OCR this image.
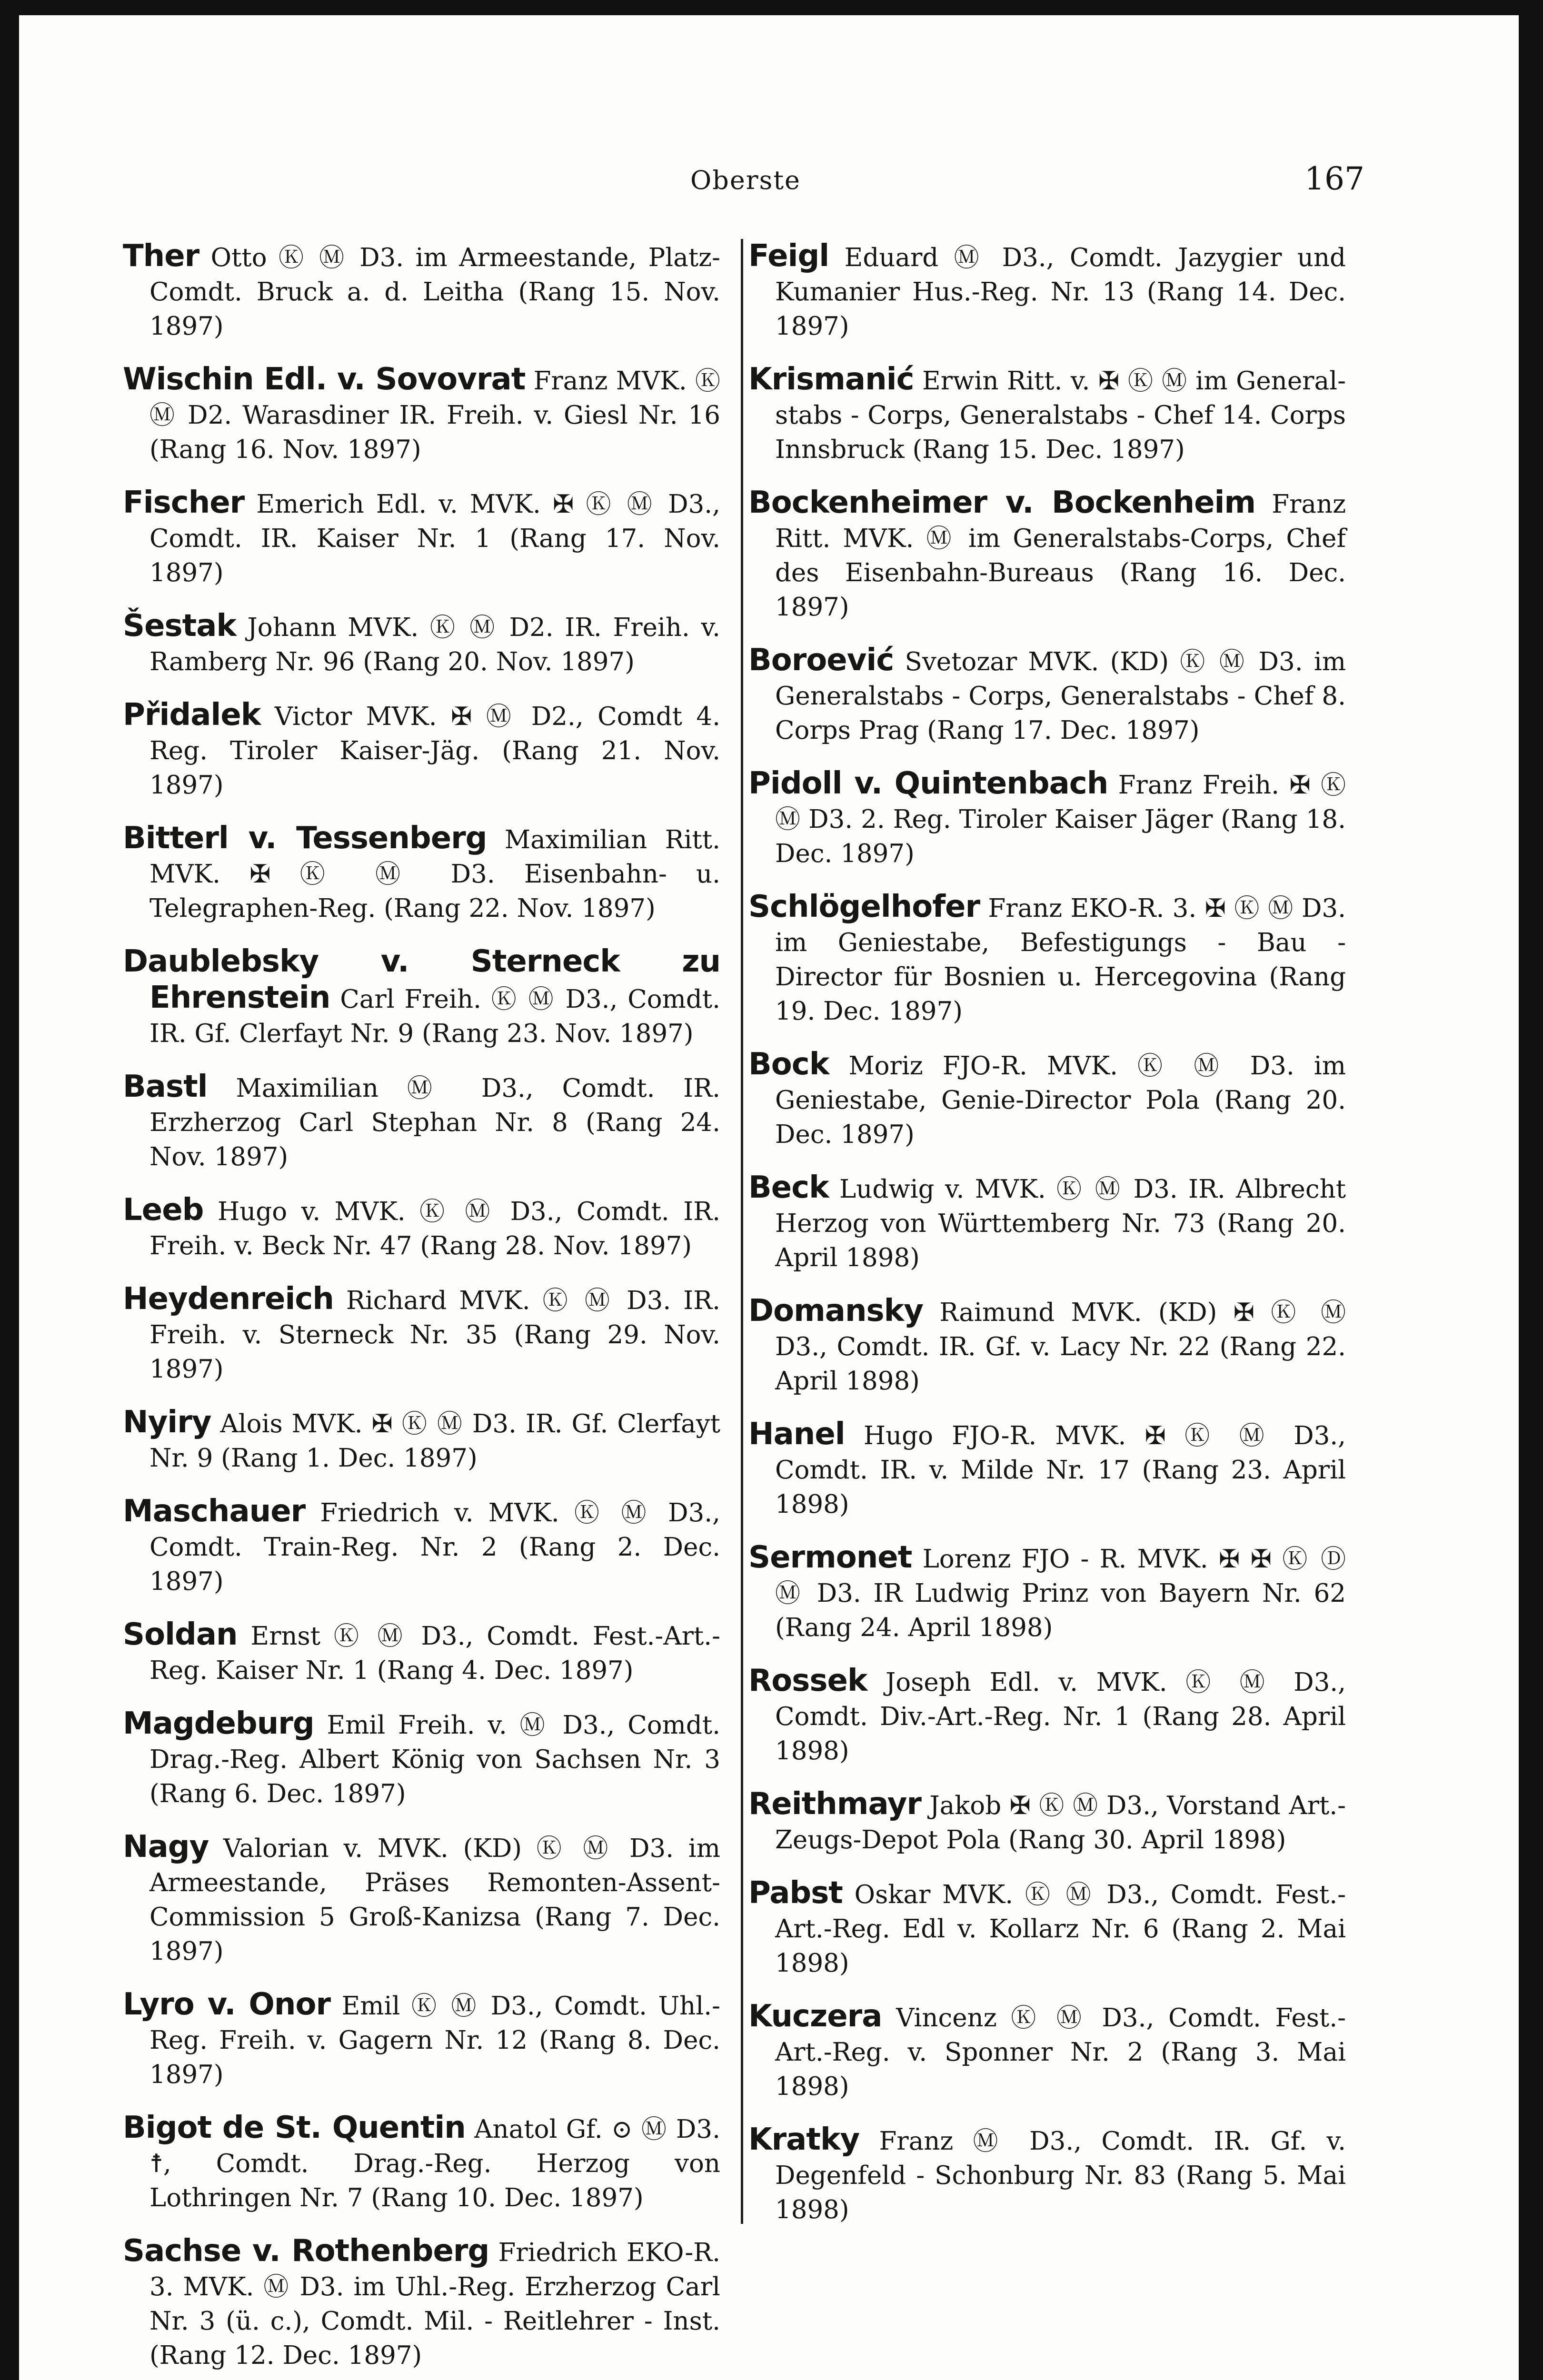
Oberste	167
Ther Otto Ⓚ Ⓜ D3. im Armeestande, Platz-Comdt. Bruck a. d. Leitha (Rang 15. Nov. 1897)
Wischin Edl. v. Sovovrat Franz MVK. Ⓚ Ⓜ D2. Warasdiner IR. Freih. v. Giesl Nr. 16 (Rang 16. Nov. 1897)
Fischer Emerich Edl. v. MVK. ✠ Ⓚ Ⓜ D3., Comdt. IR. Kaiser Nr. 1 (Rang 17. Nov. 1897)
Šestak Johann MVK. Ⓚ Ⓜ D2. IR. Freih. v. Ramberg Nr. 96 (Rang 20. Nov. 1897)
Přidalek Victor MVK. ✠ Ⓜ D2., Comdt 4. Reg. Tiroler Kaiser-Jäg. (Rang 21. Nov. 1897)
Bitterl v. Tessenberg Maximilian Ritt. MVK. ✠ Ⓚ Ⓜ D3. Eisenbahn- u. Telegraphen-Reg. (Rang 22. Nov. 1897)
Daublebsky v. Sterneck zu Ehrenstein Carl Freih. Ⓚ Ⓜ D3., Comdt. IR. Gf. Clerfayt Nr. 9 (Rang 23. Nov. 1897)
Bastl Maximilian Ⓜ D3., Comdt. IR. Erzherzog Carl Stephan Nr. 8 (Rang 24. Nov. 1897)
Leeb Hugo v. MVK. Ⓚ Ⓜ D3., Comdt. IR. Freih. v. Beck Nr. 47 (Rang 28. Nov. 1897)
Heydenreich Richard MVK. Ⓚ Ⓜ D3. IR. Freih. v. Sterneck Nr. 35 (Rang 29. Nov. 1897)
Nyiry Alois MVK. ✠ Ⓚ Ⓜ D3. IR. Gf. Clerfayt Nr. 9 (Rang 1. Dec. 1897)
Maschauer Friedrich v. MVK. Ⓚ Ⓜ D3., Comdt. Train-Reg. Nr. 2 (Rang 2. Dec. 1897)
Soldan Ernst Ⓚ Ⓜ D3., Comdt. Fest.-Art.-Reg. Kaiser Nr. 1 (Rang 4. Dec. 1897)
Magdeburg Emil Freih. v. Ⓜ D3., Comdt. Drag.-Reg. Albert König von Sachsen Nr. 3 (Rang 6. Dec. 1897)
Nagy Valorian v. MVK. (KD) Ⓚ Ⓜ D3. im Armeestande, Präses Remonten-Assent-Commission 5 Groß-Kanizsa (Rang 7. Dec. 1897)
Lyro v. Onor Emil Ⓚ Ⓜ D3., Comdt. Uhl.-Reg. Freih. v. Gagern Nr. 12 (Rang 8. Dec. 1897)
Bigot de St. Quentin Anatol Gf. ⊙ Ⓜ D3. ☨, Comdt. Drag.-Reg. Herzog von Lothringen Nr. 7 (Rang 10. Dec. 1897)
Sachse v. Rothenberg Friedrich EKO-R. 3. MVK. Ⓜ D3. im Uhl.-Reg. Erzherzog Carl Nr. 3 (ü. c.), Comdt. Mil. - Reitlehrer - Inst. (Rang 12. Dec. 1897)
Feigl Eduard Ⓜ D3., Comdt. Jazygier und Kumanier Hus.-Reg. Nr. 13 (Rang 14. Dec. 1897)
Krismanić Erwin Ritt. v. ✠ Ⓚ Ⓜ im General-stabs - Corps, Generalstabs - Chef 14. Corps Innsbruck (Rang 15. Dec. 1897)
Bockenheimer v. Bockenheim Franz Ritt. MVK. Ⓜ im Generalstabs-Corps, Chef des Eisenbahn-Bureaus (Rang 16. Dec. 1897)
Boroević Svetozar MVK. (KD) Ⓚ Ⓜ D3. im Generalstabs - Corps, Generalstabs - Chef 8. Corps Prag (Rang 17. Dec. 1897)
Pidoll v. Quintenbach Franz Freih. ✠ Ⓚ Ⓜ D3. 2. Reg. Tiroler Kaiser Jäger (Rang 18. Dec. 1897)
Schlögelhofer Franz EKO-R. 3. ✠ Ⓚ Ⓜ D3. im Geniestabe, Befestigungs - Bau - Director für Bosnien u. Hercegovina (Rang 19. Dec. 1897)
Bock Moriz FJO-R. MVK. Ⓚ Ⓜ D3. im Geniestabe, Genie-Director Pola (Rang 20. Dec. 1897)
Beck Ludwig v. MVK. Ⓚ Ⓜ D3. IR. Albrecht Herzog von Württemberg Nr. 73 (Rang 20. April 1898)
Domansky Raimund MVK. (KD) ✠ Ⓚ Ⓜ D3., Comdt. IR. Gf. v. Lacy Nr. 22 (Rang 22. April 1898)
Hanel Hugo FJO-R. MVK. ✠ Ⓚ Ⓜ D3., Comdt. IR. v. Milde Nr. 17 (Rang 23. April 1898)
Sermonet Lorenz FJO - R. MVK. ✠ ✠ Ⓚ Ⓓ Ⓜ D3. IR Ludwig Prinz von Bayern Nr. 62 (Rang 24. April 1898)
Rossek Joseph Edl. v. MVK. Ⓚ Ⓜ D3., Comdt. Div.-Art.-Reg. Nr. 1 (Rang 28. April 1898)
Reithmayr Jakob ✠ Ⓚ Ⓜ D3., Vorstand Art.-Zeugs-Depot Pola (Rang 30. April 1898)
Pabst Oskar MVK. Ⓚ Ⓜ D3., Comdt. Fest.-Art.-Reg. Edl v. Kollarz Nr. 6 (Rang 2. Mai 1898)
Kuczera Vincenz Ⓚ Ⓜ D3., Comdt. Fest.-Art.-Reg. v. Sponner Nr. 2 (Rang 3. Mai 1898)
Kratky Franz Ⓜ D3., Comdt. IR. Gf. v. Degenfeld - Schonburg Nr. 83 (Rang 5. Mai 1898)
